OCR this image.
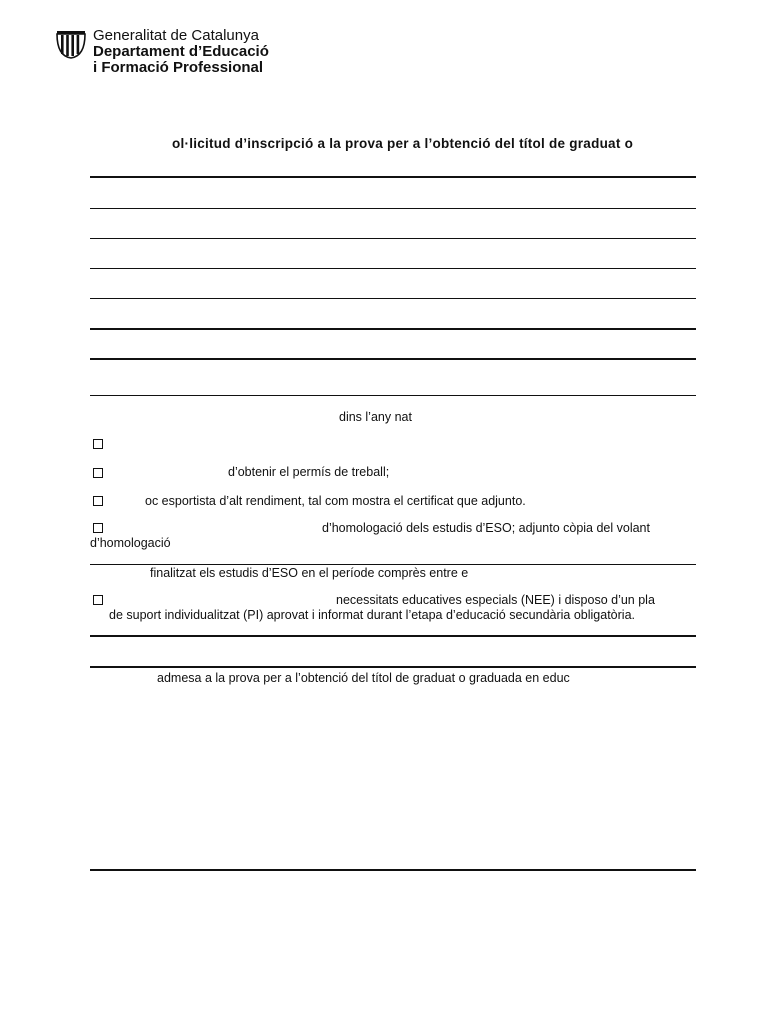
Generalitat de Catalunya
Departament d’Educació
i Formació Professional
ol·licitud d’inscripció a la prova per a l’obtenció del títol de graduat o
dins l’any nat
d’obtenir el permís de treball;
oc esportista d’alt rendiment, tal com mostra el certificat que adjunto.
d’homologació dels estudis d’ESO; adjunto còpia del volant
d’homologació
finalitzat els estudis d’ESO en el període comprès entre e
necessitats educatives especials (NEE) i disposo d’un pla
de suport individualitzat (PI) aprovat i informat durant l’etapa d’educació secundària obligatòria.
admesa a la prova per a l’obtenció del títol de graduat o graduada en educ
